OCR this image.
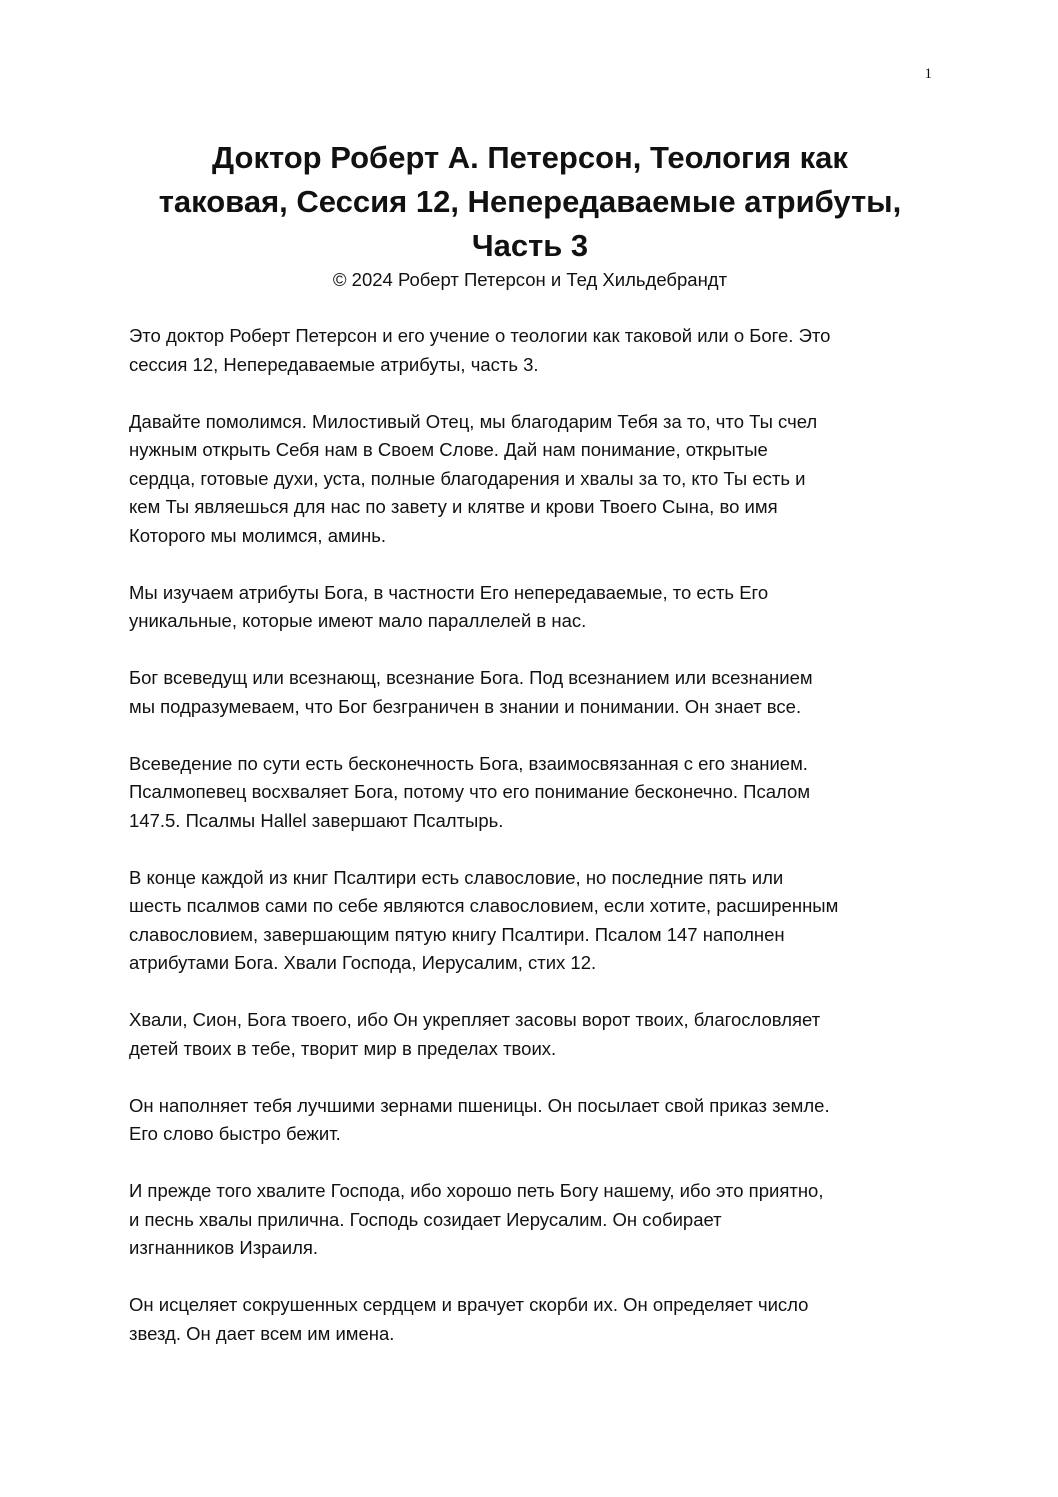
1
Доктор Роберт А. Петерсон, Теология как
таковая, Сессия 12, Непередаваемые атрибуты,
Часть 3
© 2024 Роберт Петерсон и Тед Хильдебрандт

Это доктор Роберт Петерсон и его учение о теологии как таковой или о Боге. Это
сессия 12, Непередаваемые атрибуты, часть 3.

Давайте помолимся. Милостивый Отец, мы благодарим Тебя за то, что Ты счел
нужным открыть Себя нам в Своем Слове. Дай нам понимание, открытые
сердца, готовые духи, уста, полные благодарения и хвалы за то, кто Ты есть и
кем Ты являешься для нас по завету и клятве и крови Твоего Сына, во имя
Которого мы молимся, аминь.

Мы изучаем атрибуты Бога, в частности Его непередаваемые, то есть Его
уникальные, которые имеют мало параллелей в нас.

Бог всеведущ или всезнающ, всезнание Бога. Под всезнанием или всезнанием
мы подразумеваем, что Бог безграничен в знании и понимании. Он знает все.

Всеведение по сути есть бесконечность Бога, взаимосвязанная с его знанием.
Псалмопевец восхваляет Бога, потому что его понимание бесконечно. Псалом
147.5. Псалмы Hallel завершают Псалтырь.

В конце каждой из книг Псалтири есть славословие, но последние пять или
шесть псалмов сами по себе являются славословием, если хотите, расширенным
славословием, завершающим пятую книгу Псалтири. Псалом 147 наполнен
атрибутами Бога. Хвали Господа, Иерусалим, стих 12.

Хвали, Сион, Бога твоего, ибо Он укрепляет засовы ворот твоих, благословляет
детей твоих в тебе, творит мир в пределах твоих.

Он наполняет тебя лучшими зернами пшеницы. Он посылает свой приказ земле.
Его слово быстро бежит.

И прежде того хвалите Господа, ибо хорошо петь Богу нашему, ибо это приятно,
и песнь хвалы прилична. Господь созидает Иерусалим. Он собирает
изгнанников Израиля.

Он исцеляет сокрушенных сердцем и врачует скорби их. Он определяет число
звезд. Он дает всем им имена.
